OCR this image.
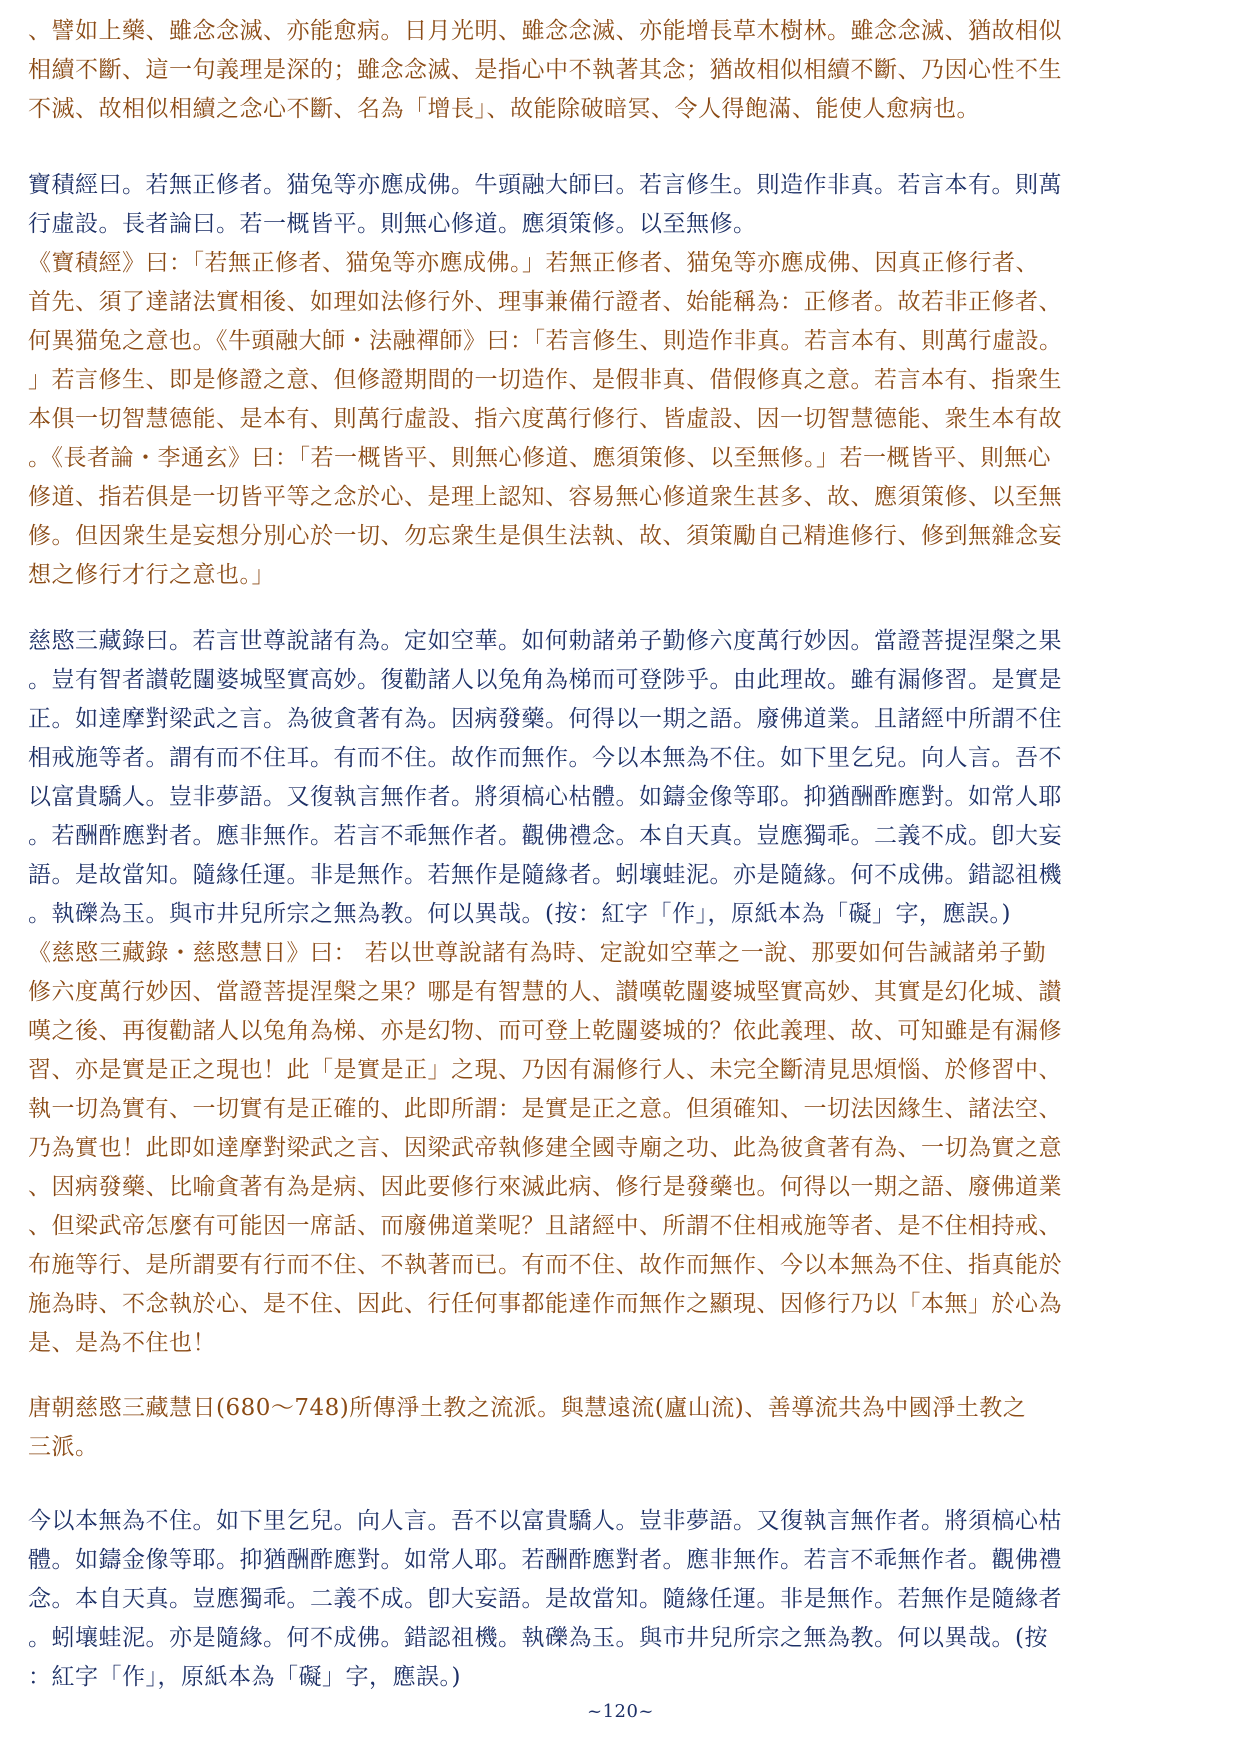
、譬如上藥、雖念念滅、亦能愈病。日月光明、雖念念滅、亦能增長草木樹林。雖念念滅、猶故相似
相續不斷、這一句義理是深的；雖念念滅、是指心中不執著其念；猶故相似相續不斷、乃因心性不生
不滅、故相似相續之念心不斷、名為「增長」、故能除破暗冥、令人得飽滿、能使人愈病也。
寶積經曰。若無正修者。猫兔等亦應成佛。牛頭融大師曰。若言修生。則造作非真。若言本有。則萬
行虛設。長者論曰。若一概皆平。則無心修道。應須策修。以至無修。
《寶積經》曰：「若無正修者、猫兔等亦應成佛。」若無正修者、猫兔等亦應成佛、因真正修行者、
首先、須了達諸法實相後、如理如法修行外、理事兼備行證者、始能稱為：正修者。故若非正修者、
何異猫兔之意也。《牛頭融大師・法融禪師》曰：「若言修生、則造作非真。若言本有、則萬行虛設。
」若言修生、即是修證之意、但修證期間的一切造作、是假非真、借假修真之意。若言本有、指衆生
本俱一切智慧德能、是本有、則萬行虛設、指六度萬行修行、皆虛設、因一切智慧德能、衆生本有故
。《長者論・李通玄》曰：「若一概皆平、則無心修道、應須策修、以至無修。」若一概皆平、則無心
修道、指若俱是一切皆平等之念於心、是理上認知、容易無心修道衆生甚多、故、應須策修、以至無
修。但因衆生是妄想分別心於一切、勿忘衆生是俱生法執、故、須策勵自己精進修行、修到無雜念妄
想之修行才行之意也。」
慈愍三藏錄曰。若言世尊說諸有為。定如空華。如何勅諸弟子勤修六度萬行妙因。當證菩提涅槃之果
。豈有智者讃乾闥婆城堅實高妙。復勸諸人以兔角為梯而可登陟乎。由此理故。雖有漏修習。是實是
正。如達摩對梁武之言。為彼貪著有為。因病發藥。何得以一期之語。廢佛道業。且諸經中所謂不住
相戒施等者。謂有而不住耳。有而不住。故作而無作。今以本無為不住。如下里乞兒。向人言。吾不
以富貴驕人。豈非夢語。又復執言無作者。將須槁心枯體。如鑄金像等耶。抑猶酬酢應對。如常人耶
。若酬酢應對者。應非無作。若言不乖無作者。觀佛禮念。本自天真。豈應獨乖。二義不成。卽大妄
語。是故當知。隨緣任運。非是無作。若無作是隨緣者。蚓壤蛙泥。亦是隨緣。何不成佛。錯認祖機
。執礫為玉。與市井兒所宗之無為教。何以異哉。(按：紅字「作」，原紙本為「礙」字，應誤。)
《慈愍三藏錄・慈愍慧日》曰： 若以世尊說諸有為時、定說如空華之一說、那要如何告誡諸弟子勤
修六度萬行妙因、當證菩提涅槃之果？哪是有智慧的人、讃嘆乾闥婆城堅實高妙、其實是幻化城、讃
嘆之後、再復勸諸人以兔角為梯、亦是幻物、而可登上乾闥婆城的？依此義理、故、可知雖是有漏修
習、亦是實是正之現也！此「是實是正」之現、乃因有漏修行人、未完全斷清見思煩惱、於修習中、
執一切為實有、一切實有是正確的、此即所謂：是實是正之意。但須確知、一切法因緣生、諸法空、
乃為實也！此即如達摩對梁武之言、因梁武帝執修建全國寺廟之功、此為彼貪著有為、一切為實之意
、因病發藥、比喻貪著有為是病、因此要修行來滅此病、修行是發藥也。何得以一期之語、廢佛道業
、但梁武帝怎麼有可能因一席話、而廢佛道業呢？且諸經中、所謂不住相戒施等者、是不住相持戒、
布施等行、是所謂要有行而不住、不執著而已。有而不住、故作而無作、今以本無為不住、指真能於
施為時、不念執於心、是不住、因此、行任何事都能達作而無作之顯現、因修行乃以「本無」於心為
是、是為不住也！
唐朝慈愍三藏慧日(680～748)所傳淨土教之流派。與慧遠流(廬山流)、善導流共為中國淨土教之
三派。
今以本無為不住。如下里乞兒。向人言。吾不以富貴驕人。豈非夢語。又復執言無作者。將須槁心枯
體。如鑄金像等耶。抑猶酬酢應對。如常人耶。若酬酢應對者。應非無作。若言不乖無作者。觀佛禮
念。本自天真。豈應獨乖。二義不成。卽大妄語。是故當知。隨緣任運。非是無作。若無作是隨緣者
。蚓壤蛙泥。亦是隨緣。何不成佛。錯認祖機。執礫為玉。與市井兒所宗之無為教。何以異哉。(按
：紅字「作」，原紙本為「礙」字，應誤。)
~120~
